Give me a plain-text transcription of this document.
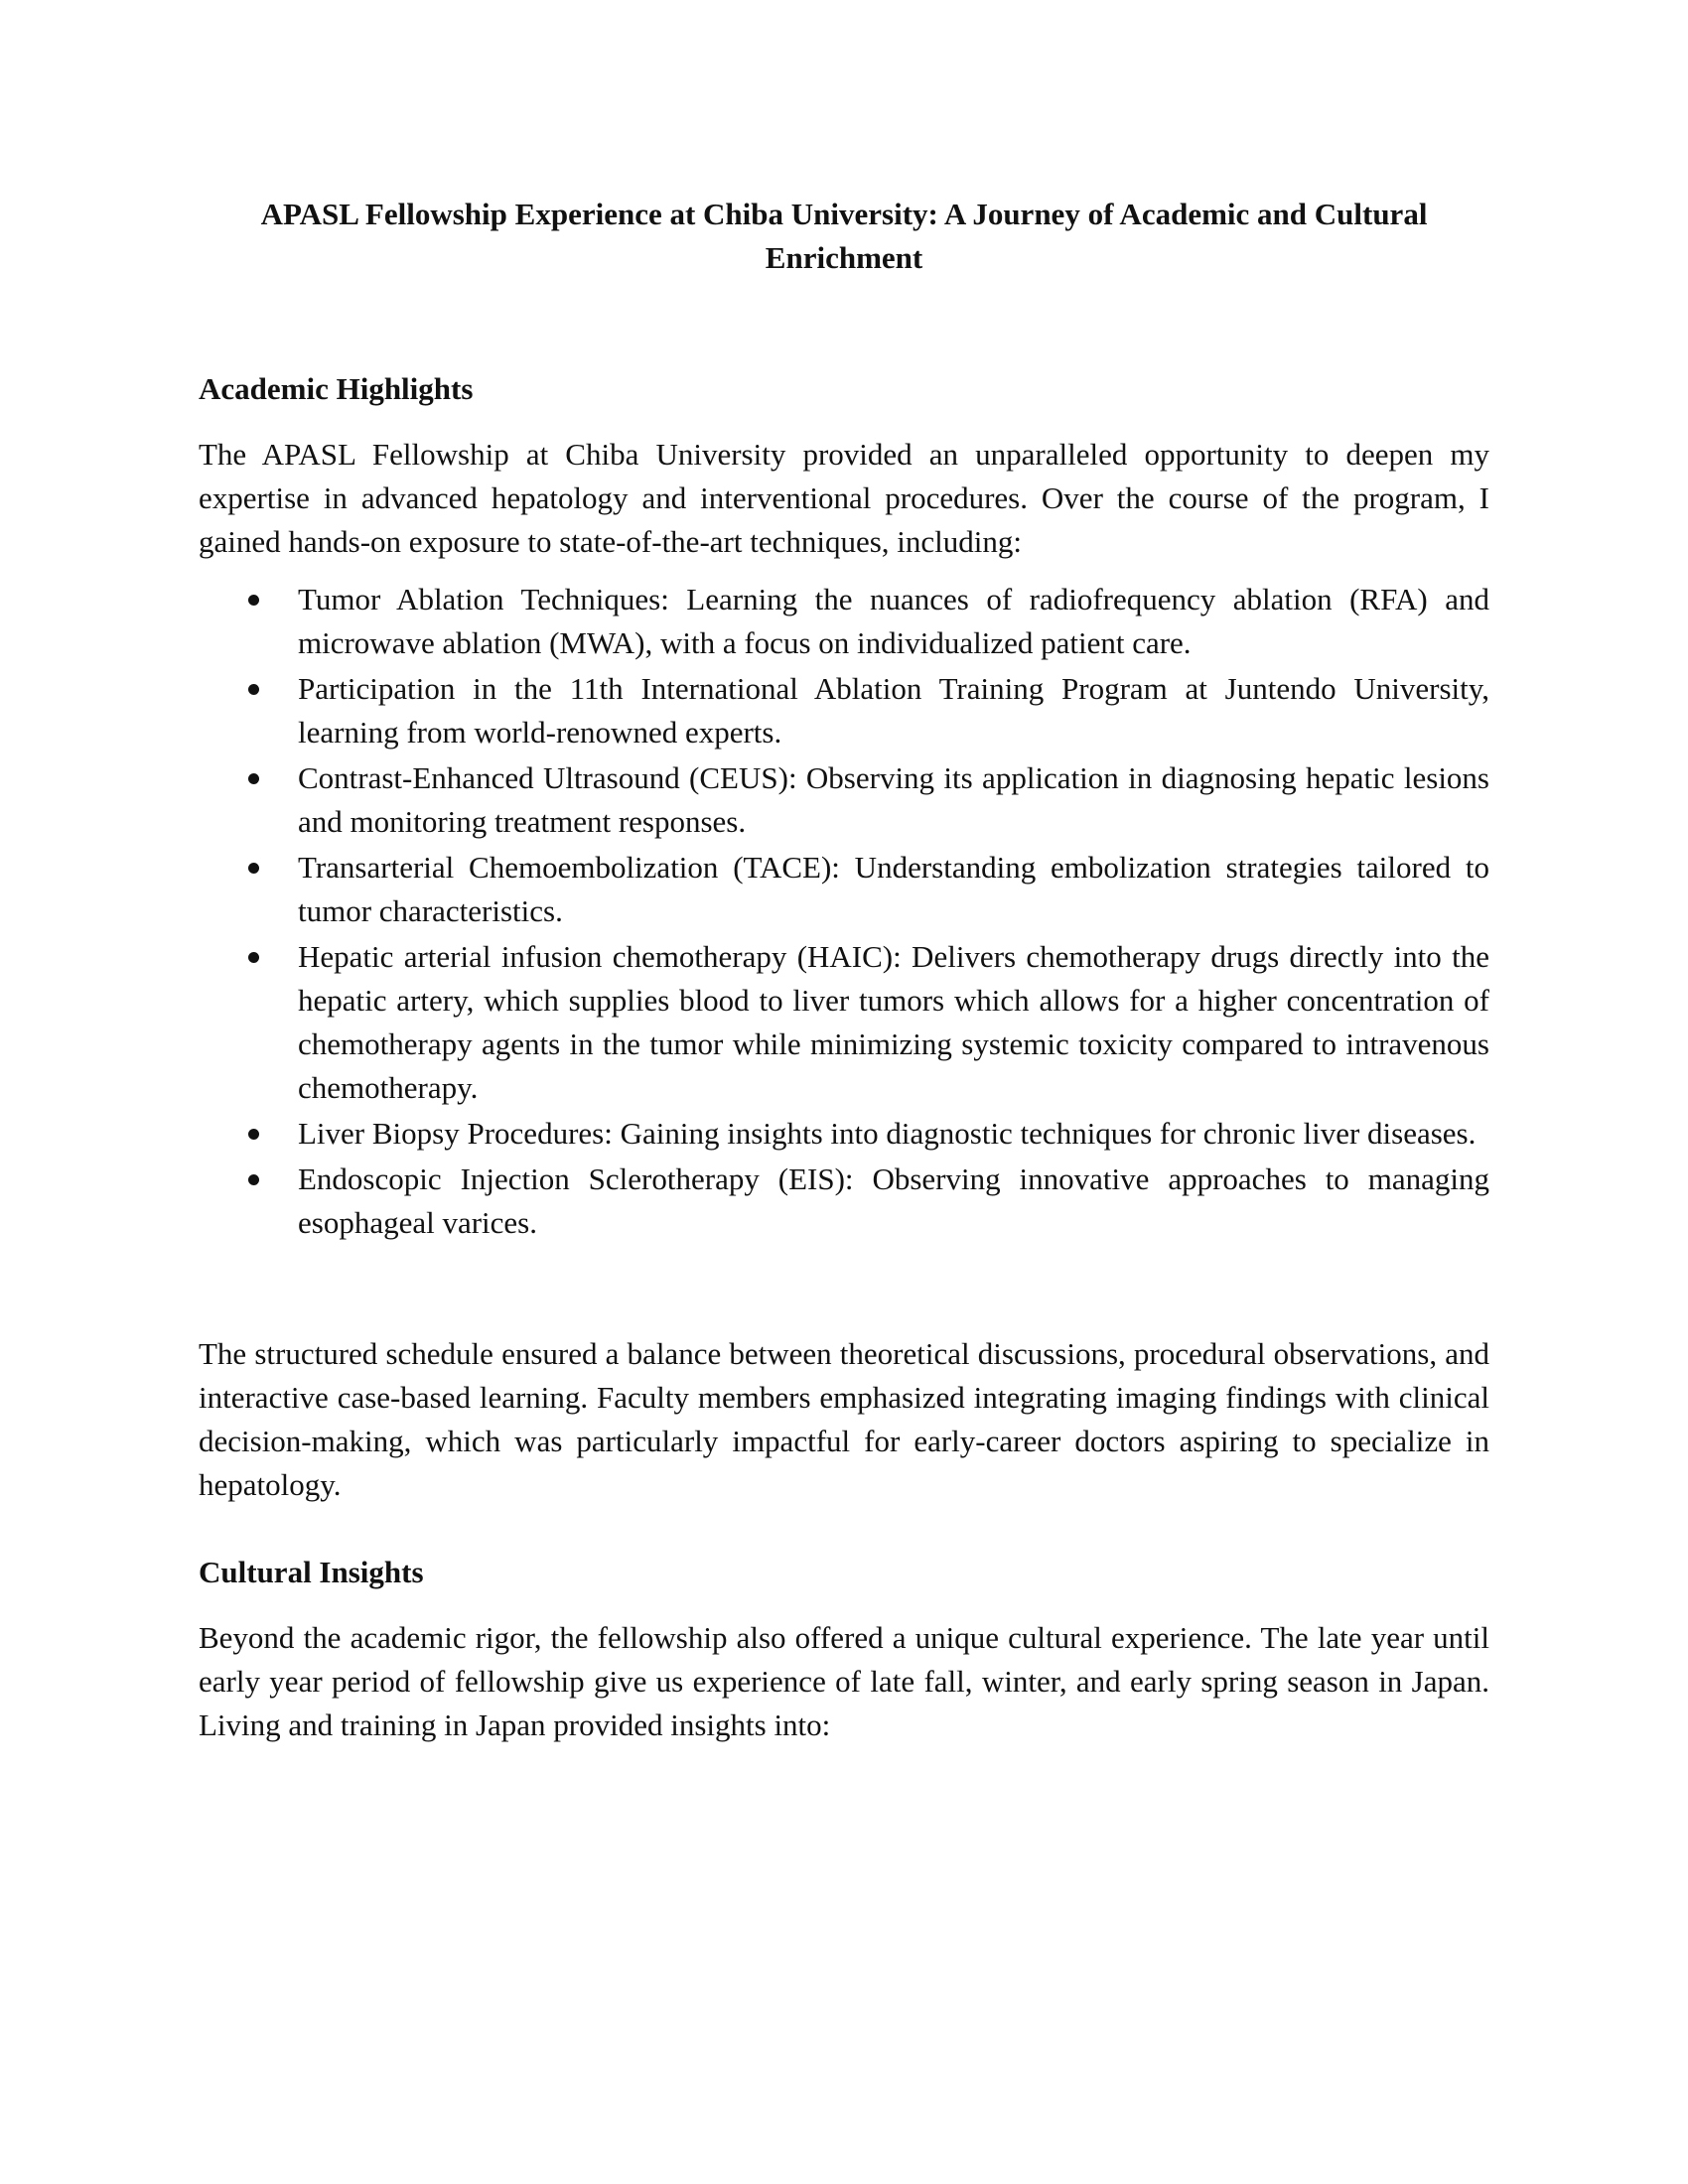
APASL Fellowship Experience at Chiba University: A Journey of Academic and Cultural Enrichment
Academic Highlights

The APASL Fellowship at Chiba University provided an unparalleled opportunity to deepen my expertise in advanced hepatology and interventional procedures. Over the course of the program, I gained hands-on exposure to state-of-the-art techniques, including:

Tumor Ablation Techniques: Learning the nuances of radiofrequency ablation (RFA) and microwave ablation (MWA), with a focus on individualized patient care.
Participation in the 11th International Ablation Training Program at Juntendo University, learning from world-renowned experts.
Contrast-Enhanced Ultrasound (CEUS): Observing its application in diagnosing hepatic lesions and monitoring treatment responses.
Transarterial Chemoembolization (TACE): Understanding embolization strategies tailored to tumor characteristics.
Hepatic arterial infusion chemotherapy (HAIC): Delivers chemotherapy drugs directly into the hepatic artery, which supplies blood to liver tumors which allows for a higher concentration of chemotherapy agents in the tumor while minimizing systemic toxicity compared to intravenous chemotherapy.
Liver Biopsy Procedures: Gaining insights into diagnostic techniques for chronic liver diseases.
Endoscopic Injection Sclerotherapy (EIS): Observing innovative approaches to managing esophageal varices.

The structured schedule ensured a balance between theoretical discussions, procedural observations, and interactive case-based learning. Faculty members emphasized integrating imaging findings with clinical decision-making, which was particularly impactful for early-career doctors aspiring to specialize in hepatology.

Cultural Insights

Beyond the academic rigor, the fellowship also offered a unique cultural experience. The late year until early year period of fellowship give us experience of late fall, winter, and early spring season in Japan. Living and training in Japan provided insights into:
